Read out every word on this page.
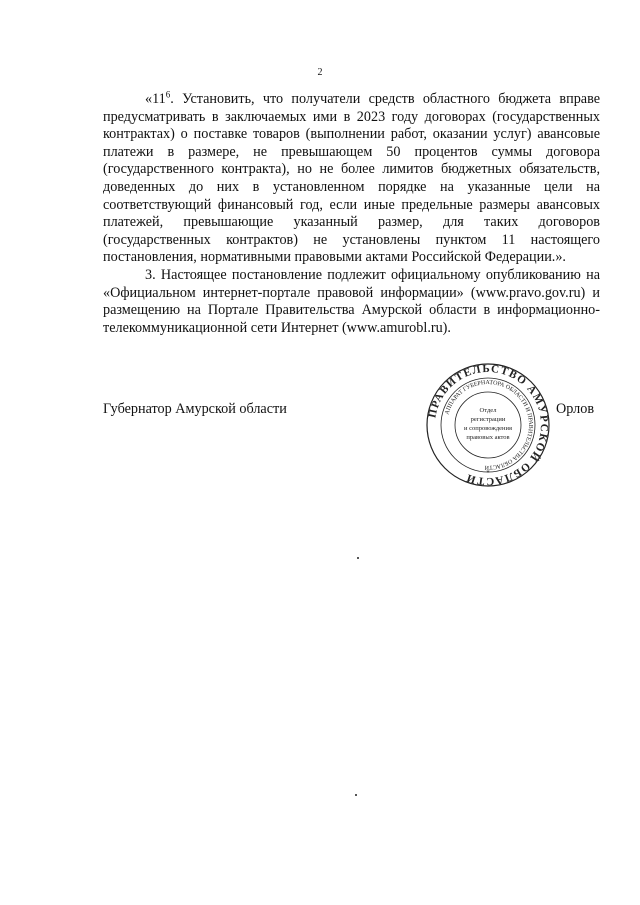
2

«$11^6$. Установить, что получатели средств областного бюджета вправе предусматривать в заключаемых ими в 2023 году договорах (государственных контрактах) о поставке товаров (выполнении работ, оказании услуг) авансовые платежи в размере, не превышающем 50 процентов суммы договора (государственного контракта), но не более лимитов бюджетных обязательств, доведенных до них в установленном порядке на указанные цели на соответствующий финансовый год, если иные предельные размеры авансовых платежей, превышающие указанный размер, для таких договоров (государственных контрактов) не установлены пунктом 11 настоящего постановления, нормативными правовыми актами Российской Федерации.».

3. Настоящее постановление подлежит официальному опубликованию на «Официальном интернет-портале правовой информации» (www.pravo.gov.ru) и размещению на Портале Правительства Амурской области в информационно-телекоммуникационной сети Интернет (www.amurobl.ru).

Губернатор Амурской области	Орлов
ПРАВИТЕЛЬСТВО АМУРСКОЙ ОБЛАСТИ
АППАРАТ ГУБЕРНАТОРА ОБЛАСТИ И ПРАВИТЕЛЬСТВА ОБЛАСТИ
Отдел
регистрации
и сопровождения
правовых актов
*
